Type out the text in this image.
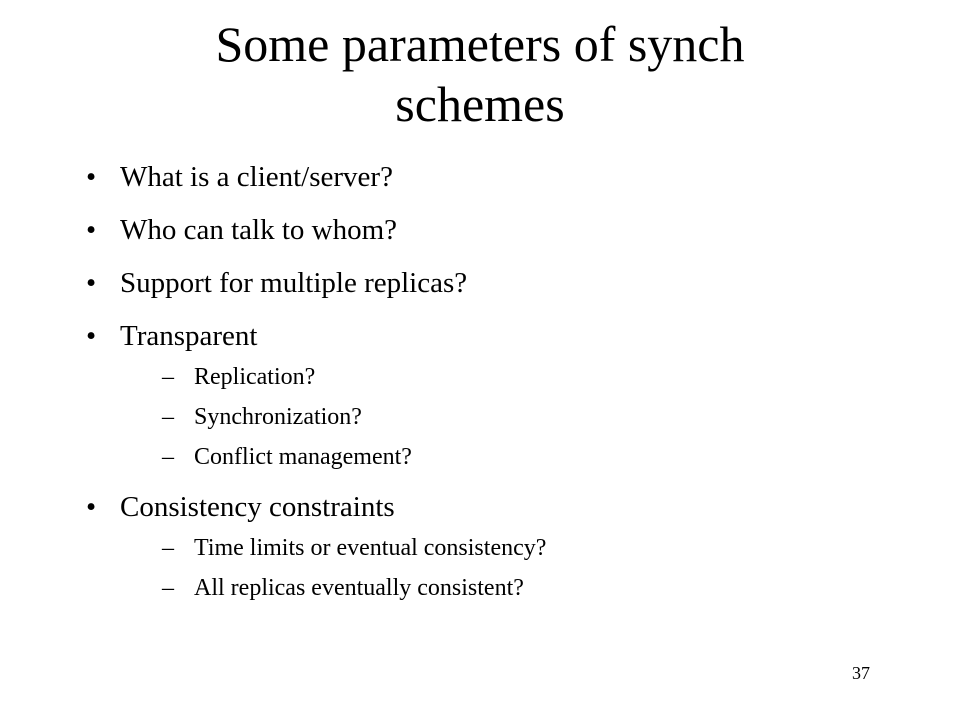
Some parameters of synch
schemes
• What is a client/server?
• Who can talk to whom?
• Support for multiple replicas?
• Transparent
– Replication?
– Synchronization?
– Conflict management?
• Consistency constraints
– Time limits or eventual consistency?
– All replicas eventually consistent?
37
